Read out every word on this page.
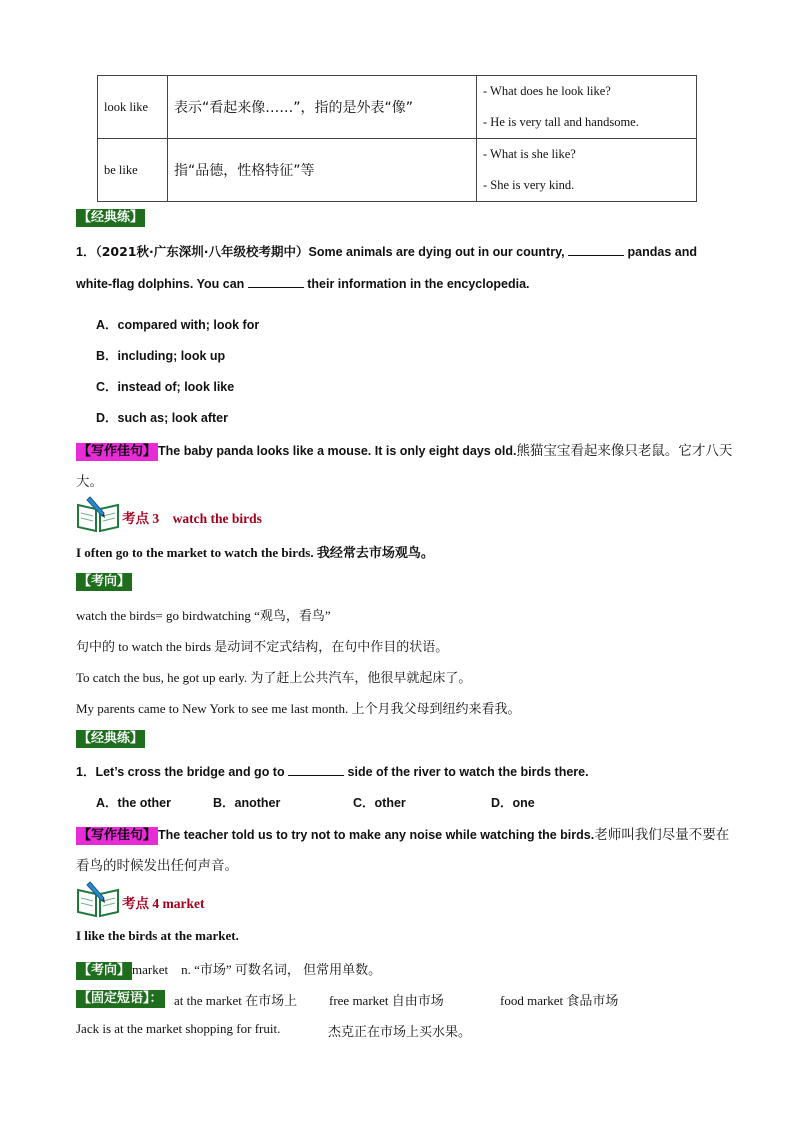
look like	表示“看起来像……”，指的是外表“像”	- What does he look like?
- He is very tall and handsome.

be like	指“品德，性格特征”等	- What is she like?
- She is very kind.
【经典练】
1．（2021秋·广东深圳·八年级校考期中）Some animals are dying out in our country,	pandas and
white-flag dolphins. You can	their information in the encyclopedia.
A．compared with; look for
B．including; look up
C．instead of; look like
D．such as; look after
【写作佳句】 The baby panda looks like a mouse. It is only eight days old.熊猫宝宝看起来像只老鼠。它才八天
大。
考点 3　watch the birds
I often go to the market to watch the birds. 我经常去市场观鸟。
【考向】
watch the birds= go birdwatching “观鸟，看鸟”
句中的 to watch the birds 是动词不定式结构，在句中作目的状语。
To catch the bus, he got up early. 为了赶上公共汽车，他很早就起床了。
My parents came to New York to see me last month. 上个月我父母到纽约来看我。
【经典练】
1．Let’s cross the bridge and go to	side of the river to watch the birds there.
A．the other	B．another	C．other	D．one
【写作佳句】 The teacher told us to try not to make any noise while watching the birds.老师叫我们尽量不要在
看鸟的时候发出任何声音。
考点 4 market
I like the birds at the market.
【考向】 market　n. “市场” 可数名词， 但常用单数。
【固定短语】： at the market 在市场上 free market 自由市场	food market 食品市场
Jack is at the market shopping for fruit.	杰克正在市场上买水果。
